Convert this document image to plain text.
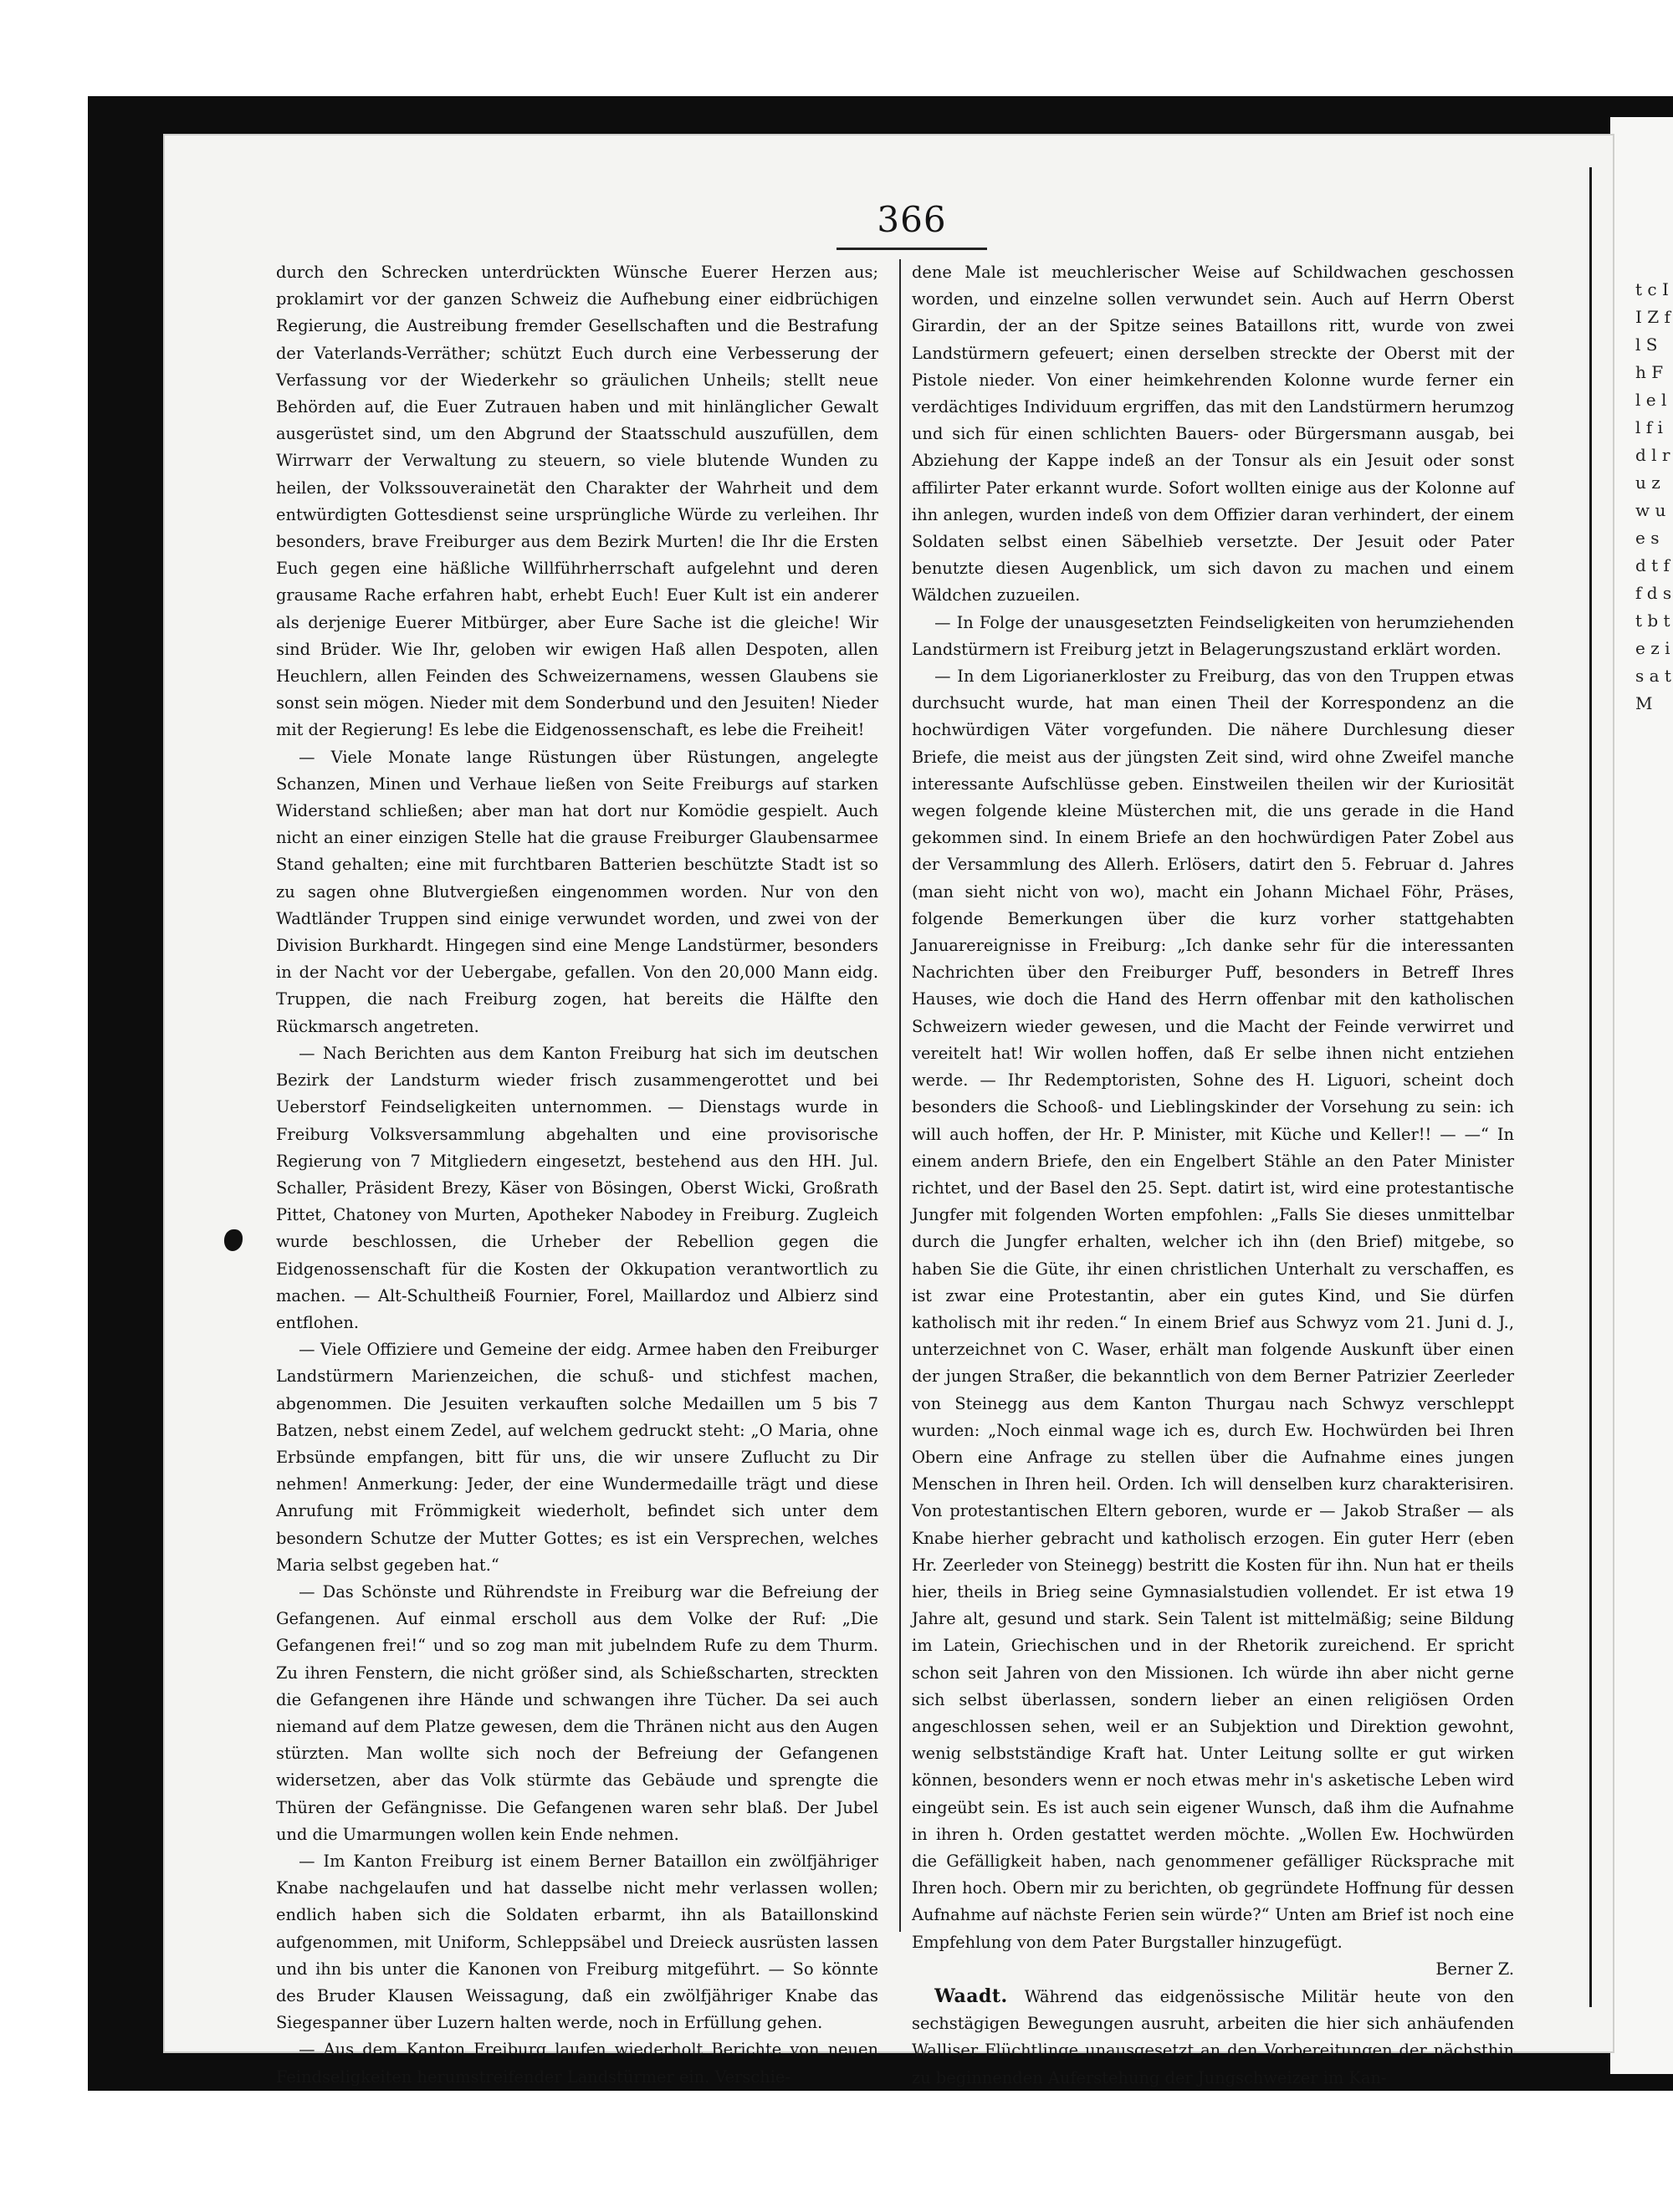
t c I I Z f l S h F l e l l f i d l r u z w u e s d t f f d s t b t e z i s a t M
366

durch den Schrecken unterdrückten Wünsche Euerer Herzen aus; proklamirt vor der ganzen Schweiz die Aufhebung einer eidbrüchigen Regierung, die Austreibung fremder Gesellschaften und die Bestrafung der Vaterlands-Verräther; schützt Euch durch eine Verbesserung der Verfassung vor der Wiederkehr so gräulichen Unheils; stellt neue Behörden auf, die Euer Zutrauen haben und mit hinlänglicher Gewalt ausgerüstet sind, um den Abgrund der Staatsschuld auszufüllen, dem Wirrwarr der Verwaltung zu steuern, so viele blutende Wunden zu heilen, der Volkssouverainetät den Charakter der Wahrheit und dem entwürdigten Gottesdienst seine ursprüngliche Würde zu verleihen. Ihr besonders, brave Freiburger aus dem Bezirk Murten! die Ihr die Ersten Euch gegen eine häßliche Willführherrschaft aufgelehnt und deren grausame Rache erfahren habt, erhebt Euch! Euer Kult ist ein anderer als derjenige Euerer Mitbürger, aber Eure Sache ist die gleiche! Wir sind Brüder. Wie Ihr, geloben wir ewigen Haß allen Despoten, allen Heuchlern, allen Feinden des Schweizernamens, wessen Glaubens sie sonst sein mögen. Nieder mit dem Sonderbund und den Jesuiten! Nieder mit der Regierung! Es lebe die Eidgenossenschaft, es lebe die Freiheit!

— Viele Monate lange Rüstungen über Rüstungen, angelegte Schanzen, Minen und Verhaue ließen von Seite Freiburgs auf starken Widerstand schließen; aber man hat dort nur Komödie gespielt. Auch nicht an einer einzigen Stelle hat die grause Freiburger Glaubensarmee Stand gehalten; eine mit furchtbaren Batterien beschützte Stadt ist so zu sagen ohne Blutvergießen eingenommen worden. Nur von den Wadtländer Truppen sind einige verwundet worden, und zwei von der Division Burkhardt. Hingegen sind eine Menge Landstürmer, besonders in der Nacht vor der Uebergabe, gefallen. Von den 20,000 Mann eidg. Truppen, die nach Freiburg zogen, hat bereits die Hälfte den Rückmarsch angetreten.

— Nach Berichten aus dem Kanton Freiburg hat sich im deutschen Bezirk der Landsturm wieder frisch zusammengerottet und bei Ueberstorf Feindseligkeiten unternommen. — Dienstags wurde in Freiburg Volksversammlung abgehalten und eine provisorische Regierung von 7 Mitgliedern eingesetzt, bestehend aus den HH. Jul. Schaller, Präsident Brezy, Käser von Bösingen, Oberst Wicki, Großrath Pittet, Chatoney von Murten, Apotheker Nabodey in Freiburg. Zugleich wurde beschlossen, die Urheber der Rebellion gegen die Eidgenossenschaft für die Kosten der Okkupation verantwortlich zu machen. — Alt-Schultheiß Fournier, Forel, Maillardoz und Albierz sind entflohen.

— Viele Offiziere und Gemeine der eidg. Armee haben den Freiburger Landstürmern Marienzeichen, die schuß- und stichfest machen, abgenommen. Die Jesuiten verkauften solche Medaillen um 5 bis 7 Batzen, nebst einem Zedel, auf welchem gedruckt steht: „O Maria, ohne Erbsünde empfangen, bitt für uns, die wir unsere Zuflucht zu Dir nehmen! Anmerkung: Jeder, der eine Wundermedaille trägt und diese Anrufung mit Frömmigkeit wiederholt, befindet sich unter dem besondern Schutze der Mutter Gottes; es ist ein Versprechen, welches Maria selbst gegeben hat.“

— Das Schönste und Rührendste in Freiburg war die Befreiung der Gefangenen. Auf einmal erscholl aus dem Volke der Ruf: „Die Gefangenen frei!“ und so zog man mit jubelndem Rufe zu dem Thurm. Zu ihren Fenstern, die nicht größer sind, als Schießscharten, streckten die Gefangenen ihre Hände und schwangen ihre Tücher. Da sei auch niemand auf dem Platze gewesen, dem die Thränen nicht aus den Augen stürzten. Man wollte sich noch der Befreiung der Gefangenen widersetzen, aber das Volk stürmte das Gebäude und sprengte die Thüren der Gefängnisse. Die Gefangenen waren sehr blaß. Der Jubel und die Umarmungen wollen kein Ende nehmen.

— Im Kanton Freiburg ist einem Berner Bataillon ein zwölfjähriger Knabe nachgelaufen und hat dasselbe nicht mehr verlassen wollen; endlich haben sich die Soldaten erbarmt, ihn als Bataillonskind aufgenommen, mit Uniform, Schleppsäbel und Dreieck ausrüsten lassen und ihn bis unter die Kanonen von Freiburg mitgeführt. — So könnte des Bruder Klausen Weissagung, daß ein zwölfjähriger Knabe das Siegespanner über Luzern halten werde, noch in Erfüllung gehen.

— Aus dem Kanton Freiburg laufen wiederholt Berichte von neuen Feindseligkeiten herumstreifender Landstürmer ein. Verschie-

dene Male ist meuchlerischer Weise auf Schildwachen geschossen worden, und einzelne sollen verwundet sein. Auch auf Herrn Oberst Girardin, der an der Spitze seines Bataillons ritt, wurde von zwei Landstürmern gefeuert; einen derselben streckte der Oberst mit der Pistole nieder. Von einer heimkehrenden Kolonne wurde ferner ein verdächtiges Individuum ergriffen, das mit den Landstürmern herumzog und sich für einen schlichten Bauers- oder Bürgersmann ausgab, bei Abziehung der Kappe indeß an der Tonsur als ein Jesuit oder sonst affilirter Pater erkannt wurde. Sofort wollten einige aus der Kolonne auf ihn anlegen, wurden indeß von dem Offizier daran verhindert, der einem Soldaten selbst einen Säbelhieb versetzte. Der Jesuit oder Pater benutzte diesen Augenblick, um sich davon zu machen und einem Wäldchen zuzueilen.

— In Folge der unausgesetzten Feindseligkeiten von herumziehenden Landstürmern ist Freiburg jetzt in Belagerungszustand erklärt worden.

— In dem Ligorianerkloster zu Freiburg, das von den Truppen etwas durchsucht wurde, hat man einen Theil der Korrespondenz an die hochwürdigen Väter vorgefunden. Die nähere Durchlesung dieser Briefe, die meist aus der jüngsten Zeit sind, wird ohne Zweifel manche interessante Aufschlüsse geben. Einstweilen theilen wir der Kuriosität wegen folgende kleine Müsterchen mit, die uns gerade in die Hand gekommen sind. In einem Briefe an den hochwürdigen Pater Zobel aus der Versammlung des Allerh. Erlösers, datirt den 5. Februar d. Jahres (man sieht nicht von wo), macht ein Johann Michael Föhr, Präses, folgende Bemerkungen über die kurz vorher stattgehabten Januarereignisse in Freiburg: „Ich danke sehr für die interessanten Nachrichten über den Freiburger Puff, besonders in Betreff Ihres Hauses, wie doch die Hand des Herrn offenbar mit den katholischen Schweizern wieder gewesen, und die Macht der Feinde verwirret und vereitelt hat! Wir wollen hoffen, daß Er selbe ihnen nicht entziehen werde. — Ihr Redemptoristen, Sohne des H. Liguori, scheint doch besonders die Schooß- und Lieblingskinder der Vorsehung zu sein: ich will auch hoffen, der Hr. P. Minister, mit Küche und Keller!! — —“ In einem andern Briefe, den ein Engelbert Stähle an den Pater Minister richtet, und der Basel den 25. Sept. datirt ist, wird eine protestantische Jungfer mit folgenden Worten empfohlen: „Falls Sie dieses unmittelbar durch die Jungfer erhalten, welcher ich ihn (den Brief) mitgebe, so haben Sie die Güte, ihr einen christlichen Unterhalt zu verschaffen, es ist zwar eine Protestantin, aber ein gutes Kind, und Sie dürfen katholisch mit ihr reden.“ In einem Brief aus Schwyz vom 21. Juni d. J., unterzeichnet von C. Waser, erhält man folgende Auskunft über einen der jungen Straßer, die bekanntlich von dem Berner Patrizier Zeerleder von Steinegg aus dem Kanton Thurgau nach Schwyz verschleppt wurden: „Noch einmal wage ich es, durch Ew. Hochwürden bei Ihren Obern eine Anfrage zu stellen über die Aufnahme eines jungen Menschen in Ihren heil. Orden. Ich will denselben kurz charakterisiren. Von protestantischen Eltern geboren, wurde er — Jakob Straßer — als Knabe hierher gebracht und katholisch erzogen. Ein guter Herr (eben Hr. Zeerleder von Steinegg) bestritt die Kosten für ihn. Nun hat er theils hier, theils in Brieg seine Gymnasialstudien vollendet. Er ist etwa 19 Jahre alt, gesund und stark. Sein Talent ist mittelmäßig; seine Bildung im Latein, Griechischen und in der Rhetorik zureichend. Er spricht schon seit Jahren von den Missionen. Ich würde ihn aber nicht gerne sich selbst überlassen, sondern lieber an einen religiösen Orden angeschlossen sehen, weil er an Subjektion und Direktion gewohnt, wenig selbstständige Kraft hat. Unter Leitung sollte er gut wirken können, besonders wenn er noch etwas mehr in's asketische Leben wird eingeübt sein. Es ist auch sein eigener Wunsch, daß ihm die Aufnahme in ihren h. Orden gestattet werden möchte. „Wollen Ew. Hochwürden die Gefälligkeit haben, nach genommener gefälliger Rücksprache mit Ihren hoch. Obern mir zu berichten, ob gegründete Hoffnung für dessen Aufnahme auf nächste Ferien sein würde?“ Unten am Brief ist noch eine Empfehlung von dem Pater Burgstaller hinzugefügt.

Berner Z.

Waadt. Während das eidgenössische Militär heute von den sechstägigen Bewegungen ausruht, arbeiten die hier sich anhäufenden Walliser Flüchtlinge unausgesetzt an den Vorbereitungen der nächsthin zu beginnenden Auferstehung der Jungschweizer im Kan-
